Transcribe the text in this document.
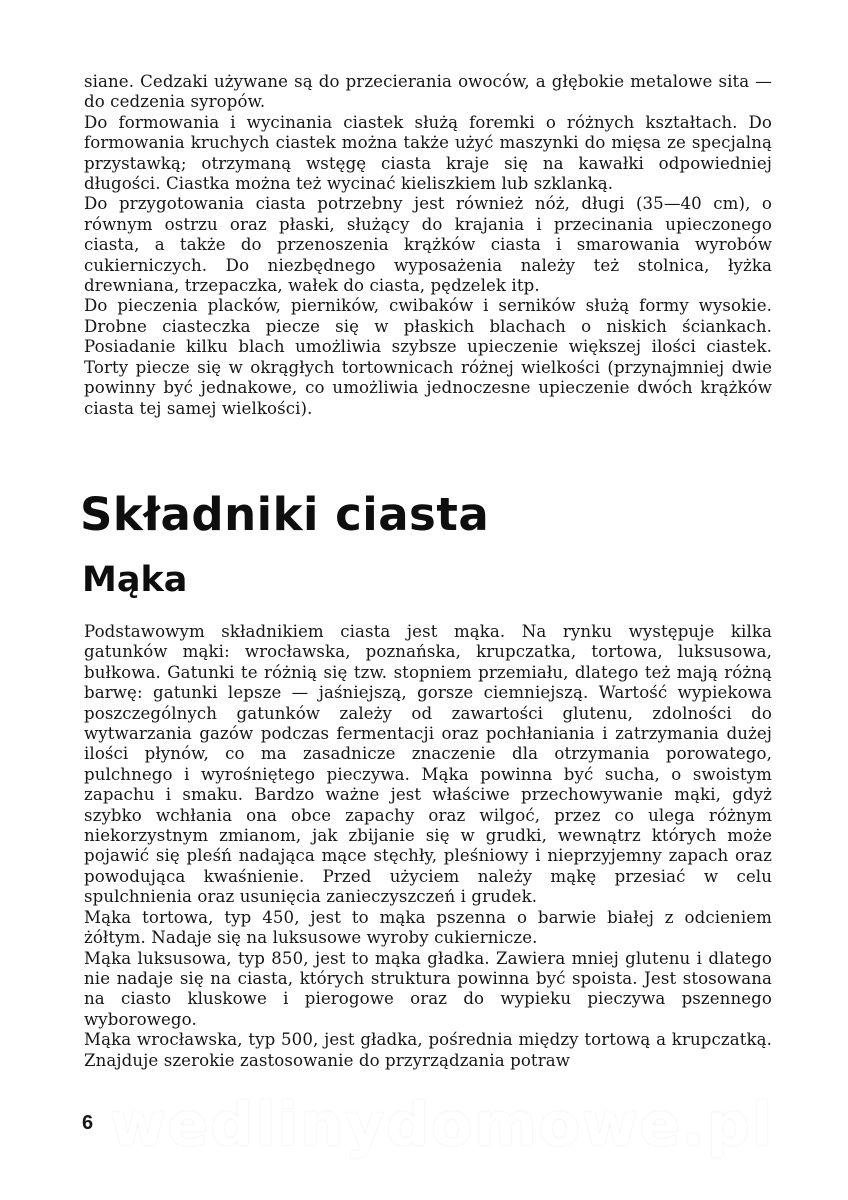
siane. Cedzaki używane są do przecierania owoców, a głębokie metalowe sita — do cedzenia syropów.

Do formowania i wycinania ciastek służą foremki o różnych kształtach. Do formowania kruchych ciastek można także użyć maszynki do mięsa ze specjalną przystawką; otrzymaną wstęgę ciasta kraje się na kawałki odpowiedniej długości. Ciastka można też wycinać kieliszkiem lub szklanką.

Do przygotowania ciasta potrzebny jest również nóż, długi (35—40 cm), o równym ostrzu oraz płaski, służący do krajania i przecinania upieczonego ciasta, a także do przenoszenia krążków ciasta i smarowania wyrobów cukierniczych. Do niezbędnego wyposażenia należy też stolnica, łyżka drewniana, trzepaczka, wałek do ciasta, pędzelek itp.

Do pieczenia placków, pierników, cwibaków i serników służą formy wysokie. Drobne ciasteczka piecze się w płaskich blachach o niskich ściankach. Posiadanie kilku blach umożliwia szybsze upieczenie większej ilości ciastek. Torty piecze się w okrągłych tortownicach różnej wielkości (przynajmniej dwie powinny być jednakowe, co umożliwia jednoczesne upieczenie dwóch krążków ciasta tej samej wielkości).

Składniki ciasta
Mąka

Podstawowym składnikiem ciasta jest mąka. Na rynku występuje kilka gatunków mąki: wrocławska, poznańska, krupczatka, tortowa, luksusowa, bułkowa. Gatunki te różnią się tzw. stopniem przemiału, dlatego też mają różną barwę: gatunki lepsze — jaśniejszą, gorsze ciemniejszą. Wartość wypiekowa poszczególnych gatunków zależy od zawartości glutenu, zdolności do wytwarzania gazów podczas fermentacji oraz pochłaniania i zatrzymania dużej ilości płynów, co ma zasadnicze znaczenie dla otrzymania porowatego, pulchnego i wyrośniętego pieczywa. Mąka powinna być sucha, o swoistym zapachu i smaku. Bardzo ważne jest właściwe przechowywanie mąki, gdyż szybko wchłania ona obce zapachy oraz wilgoć, przez co ulega różnym niekorzystnym zmianom, jak zbijanie się w grudki, wewnątrz których może pojawić się pleśń nadająca mące stęchły, pleśniowy i nieprzyjemny zapach oraz powodująca kwaśnienie. Przed użyciem należy mąkę przesiać w celu spulchnienia oraz usunięcia zanieczyszczeń i grudek.

Mąka tortowa, typ 450, jest to mąka pszenna o barwie białej z odcieniem żółtym. Nadaje się na luksusowe wyroby cukiernicze.

Mąka luksusowa, typ 850, jest to mąka gładka. Zawiera mniej glutenu i dlatego nie nadaje się na ciasta, których struktura powinna być spoista. Jest stosowana na ciasto kluskowe i pierogowe oraz do wypieku pieczywa pszennego wyborowego.

Mąka wrocławska, typ 500, jest gładka, pośrednia między tortową a krupczatką. Znajduje szerokie zastosowanie do przyrządzania potraw

wedlinydomowe.pl
6
